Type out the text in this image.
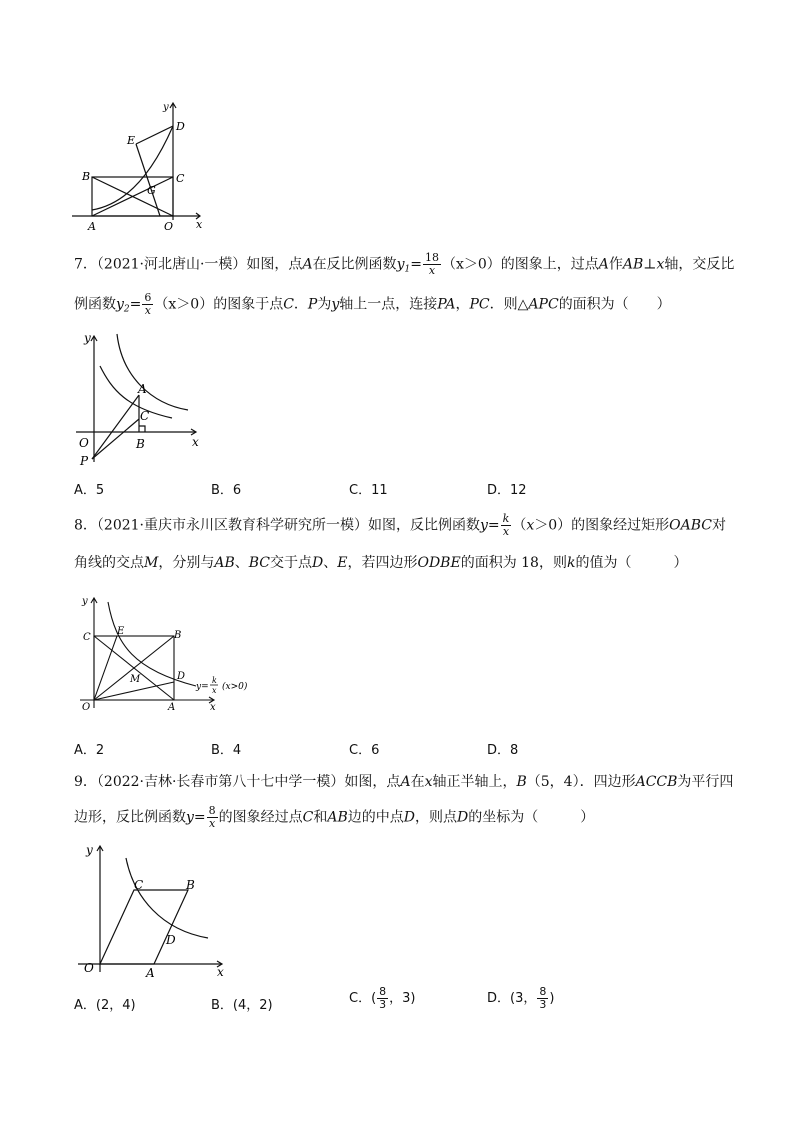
y
D
E
B	C
G
A	O x
7．（2021·河北唐山·一模）如图，点A在反比例函数$y_1= \frac{18}{x} (x>0)$的图象上，过点A作AB⊥x轴，交反比
例函数$y_2= \frac{6}{x} (x>0)$的图象于点C．P为y轴上一点，连接PA，PC．则△APC的面积为（　　）
y
A
C
O	B	x
P
A．5	B．6	C．11	D．12
8．（2021·重庆市永川区教育科学研究所一模）如图，反比例函数$y= \frac{k}{x} (x>0)$的图象经过矩形OABC对
角线的交点M，分别与AB、BC交于点D、E，若四边形ODBE的面积为 18，则k的值为（　　　）
y
C
E	B
D
M
O	A	x
y=
k
x (x>0)
A．2	B．4	C．6	D．8
9．（2022·吉林·长春市第八十七中学一模）如图，点A在x轴正半轴上，B（5，4）．四边形ACCB为平行四
边形，反比例函数$y= \frac{8}{x}$ 的图象经过点C和AB边的中点D，则点D的坐标为（　　　）
y
C	B
D
O	A	x
A．(2，4)	B．(4，2)	C．( $\frac{8}{3}$ ，3)	D．(3， $\frac{8}{3}$ )
